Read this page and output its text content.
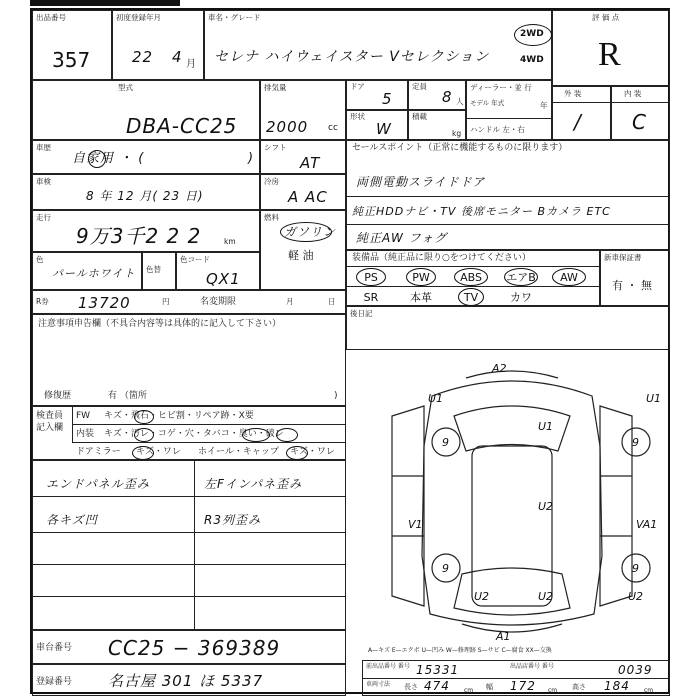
出品番号
357
初度登録年月
22 4 月
車名・グレード
セレナ ハイウェイスター Vセレクション
2WD
4WD
評 価 点
R
型式
DBA-CC25
排気量
2000 cc
ドア
5
定員
8 人
ディーラー・並 行
モデル 年式	年
ハンドル 左・右
形状
W
積載
kg
外 装	内 装
/	C
車歴
自家用 ・ (	)
シフト
AT
車検
8 年 12 月( 23 日)
冷房
A AC
走行
9万3千2 2 2	km
燃料
ガソリン
軽 油
色
パールホワイト 色替
色コード
QX1
R券 13720	円	名変期限	月	日
セールスポイント（正常に機能するものに限ります）
両側電動スライドドア
純正HDDナビ・TV 後席モニター Bカメラ ETC
純正AW フォグ
装備品（純正品に限り○をつけてください）	新車保証書
有 ・ 無
PS	PW	ABS	エアB	AW
SR	本革	TV	カワ
後日記
注意事項申告欄（不具合内容等は具体的に記入して下さい）
修復歴	有 （箇所	)
検査員
記入欄
FW キズ・飛石・ヒビ割・リペア跡・X要
内装 キズ・汚レ・コゲ・穴・タバコ・臭い・破レ
ドアミラー キズ・ワレ ホイール・キャップ キズ・ワレ
エンドパネル歪み	左Fインパネ歪み
各キズ凹	R3列歪み
A2
U1
U1
U1
9	9
U2
V1	VA1
9	9
U2	U2	U2
A1
A—キズ E—エクボ U—凹み W—修理跡 S—サビ C—腐食 XX—交換
車台番号 CC25 − 369389
登録番号 名古屋 301 ほ 5337
前出品番号 番号 15331	出品店番号 番号	0039
車両寸法 長さ 474 cm 幅 172 cm 高さ 184 cm
